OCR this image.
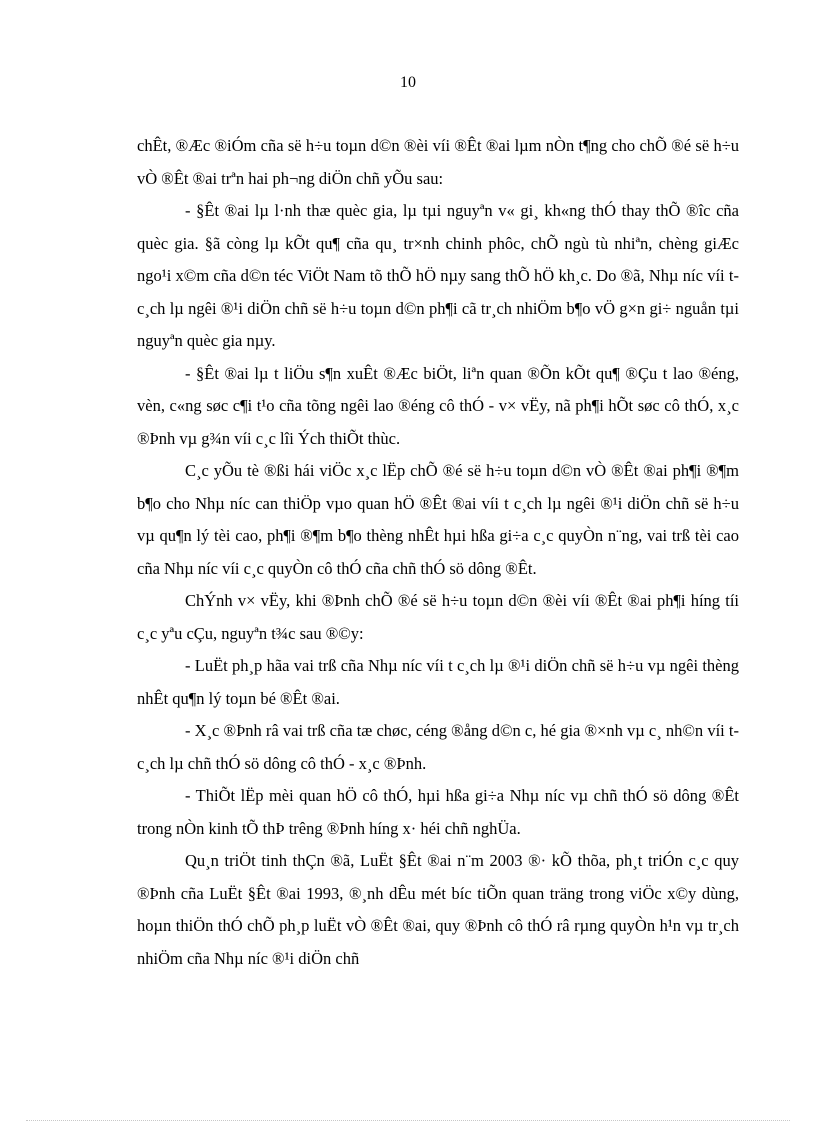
10

chÊt, ®Æc ®iÓm cña së h÷u toµn d©n ®èi víi ®Êt ®ai lµm nÒn t¶ng cho chÕ ®é së h÷u vÒ ®Êt ®ai trªn hai ph¬ng diÖn chñ yÕu sau:

- §Êt ®ai lµ l·nh thæ quèc gia, lµ tµi nguyªn v« gi¸ kh«ng thÓ thay thÕ ®îc cña quèc gia. §ã còng lµ kÕt qu¶ cña qu¸ tr×nh chinh phôc, chÕ ngù tù nhiªn, chèng giÆc ngo¹i x©m cña d©n téc ViÖt Nam tõ thÕ hÖ nµy sang thÕ hÖ kh¸c. Do ®ã, Nhµ níc víi t c¸ch lµ ngêi ®¹i diÖn chñ së h÷u toµn d©n ph¶i cã tr¸ch nhiÖm b¶o vÖ g×n gi÷ nguån tµi nguyªn quèc gia nµy.

- §Êt ®ai lµ t liÖu s¶n xuÊt ®Æc biÖt, liªn quan ®Õn kÕt qu¶ ®Çu t lao ®éng, vèn, c«ng søc c¶i t¹o cña tõng ngêi lao ®éng cô thÓ - v× vËy, nã ph¶i hÕt søc cô thÓ, x¸c ®Þnh vµ g¾n víi c¸c lîi Ých thiÕt thùc.

C¸c yÕu tè ®ßi hái viÖc x¸c lËp chÕ ®é së h÷u toµn d©n vÒ ®Êt ®ai ph¶i ®¶m b¶o cho Nhµ níc can thiÖp vµo quan hÖ ®Êt ®ai víi t c¸ch lµ ngêi ®¹i diÖn chñ së h÷u vµ qu¶n lý tèi cao, ph¶i ®¶m b¶o thèng nhÊt hµi hßa gi÷a c¸c quyÒn n¨ng, vai trß tèi cao cña Nhµ níc víi c¸c quyÒn cô thÓ cña chñ thÓ sö dông ®Êt.

ChÝnh v× vËy, khi ®Þnh chÕ ®é së h÷u toµn d©n ®èi víi ®Êt ®ai ph¶i híng tíi c¸c yªu cÇu, nguyªn t¾c sau ®©y:

- LuËt ph¸p hãa vai trß cña Nhµ níc víi t c¸ch lµ ®¹i diÖn chñ së h÷u vµ ngêi thèng nhÊt qu¶n lý toµn bé ®Êt ®ai.

- X¸c ®Þnh râ vai trß cña tæ chøc, céng ®ång d©n c, hé gia ®×nh vµ c¸ nh©n víi t c¸ch lµ chñ thÓ sö dông cô thÓ - x¸c ®Þnh.

- ThiÕt lËp mèi quan hÖ cô thÓ, hµi hßa gi÷a Nhµ níc vµ chñ thÓ sö dông ®Êt trong nÒn kinh tÕ thÞ trêng ®Þnh híng x· héi chñ nghÜa.

Qu¸n triÖt tinh thÇn ®ã, LuËt §Êt ®ai n¨m 2003 ®· kÕ thõa, ph¸t triÓn c¸c quy ®Þnh cña LuËt §Êt ®ai 1993, ®¸nh dÊu mét bíc tiÕn quan träng trong viÖc x©y dùng, hoµn thiÖn thÓ chÕ ph¸p luËt vÒ ®Êt ®ai, quy ®Þnh cô thÓ râ rµng quyÒn h¹n vµ tr¸ch nhiÖm cña Nhµ níc ®¹i diÖn chñ
